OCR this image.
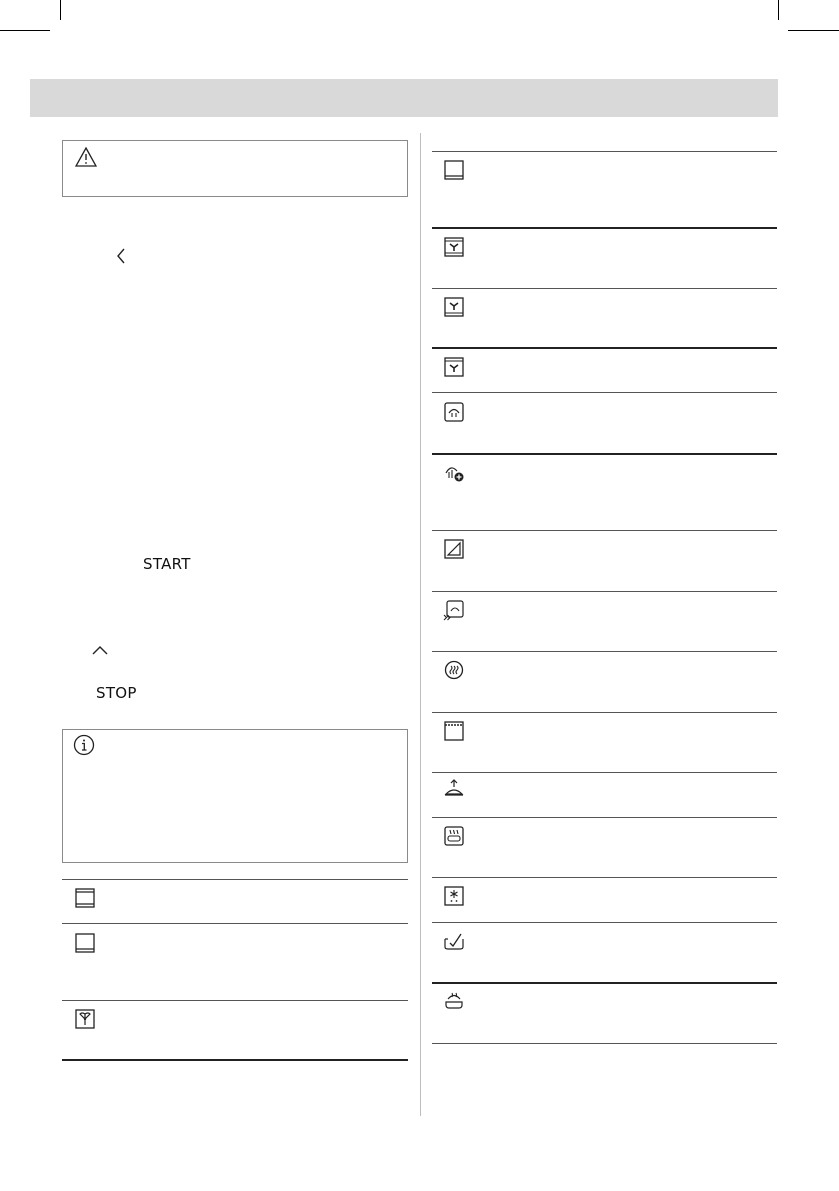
START
STOP
